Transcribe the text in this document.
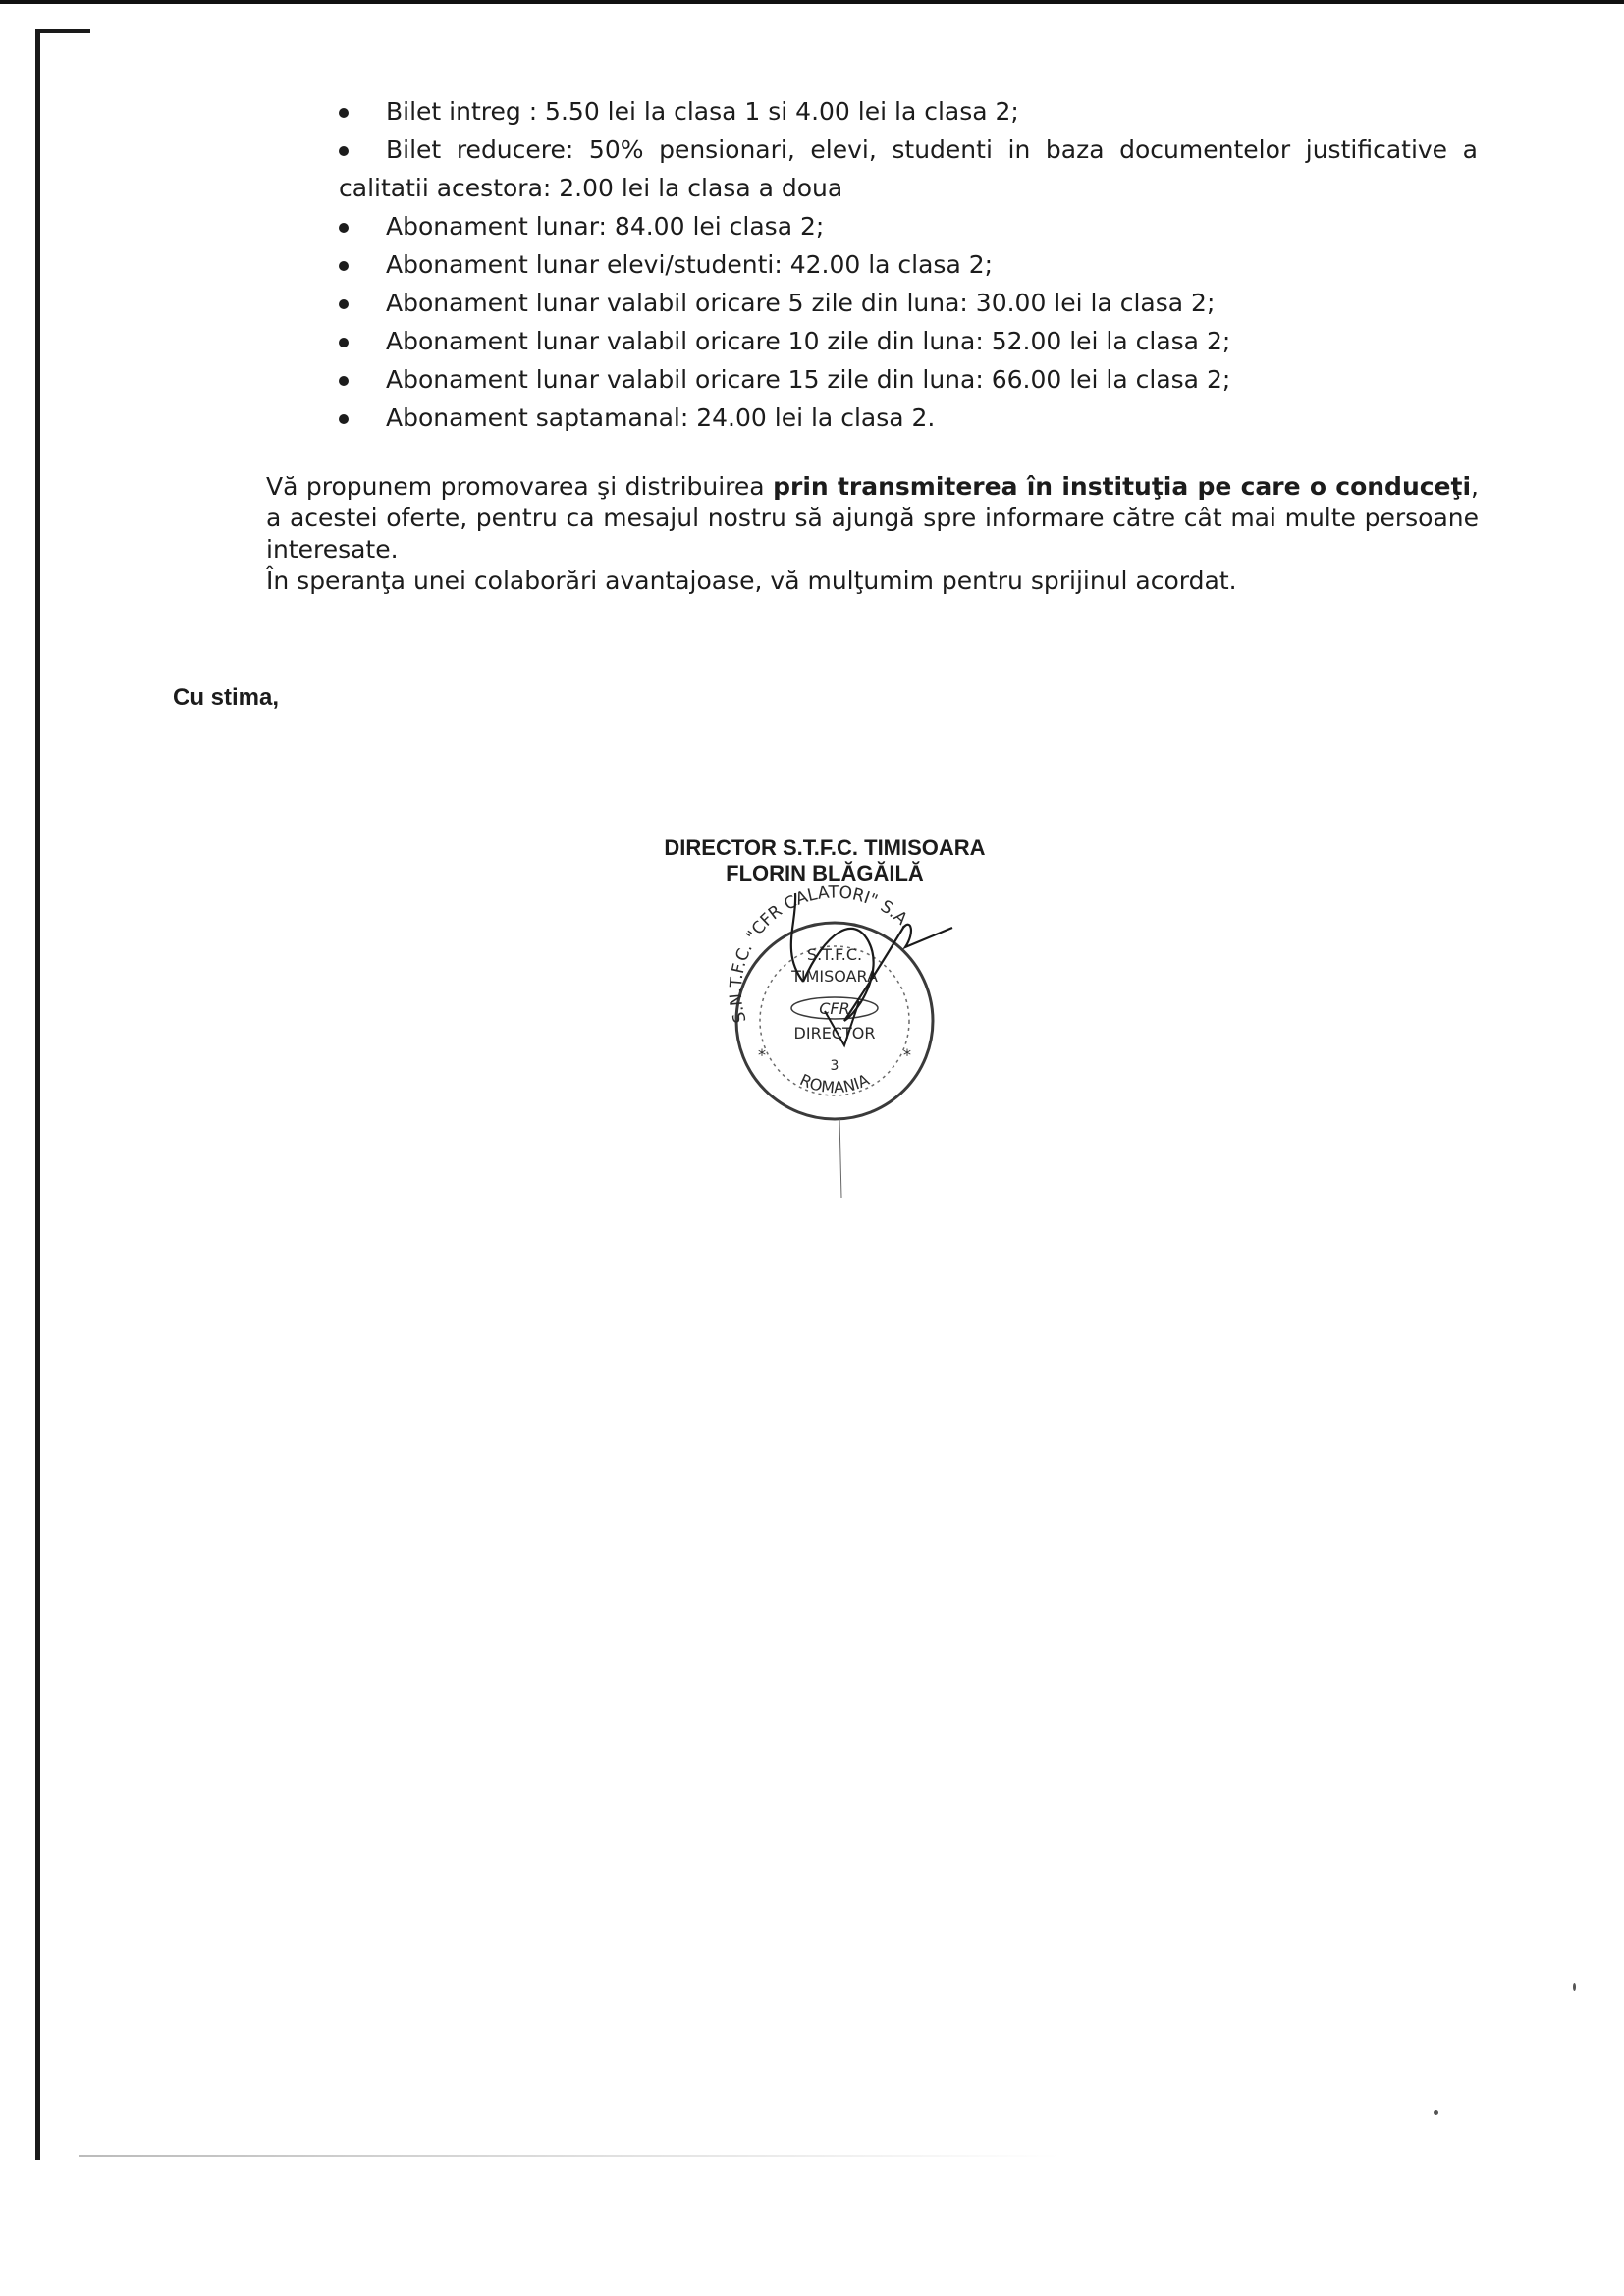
Bilet intreg : 5.50 lei la clasa 1 si 4.00 lei la clasa 2;
Bilet reducere: 50% pensionari, elevi, studenti in baza documentelor justificative a
calitatii acestora: 2.00 lei la clasa a doua
Abonament lunar: 84.00 lei clasa 2;
Abonament lunar elevi/studenti: 42.00 la clasa 2;
Abonament lunar valabil oricare 5 zile din luna: 30.00 lei la clasa 2;
Abonament lunar valabil oricare 10 zile din luna: 52.00 lei la clasa 2;
Abonament lunar valabil oricare 15 zile din luna: 66.00 lei la clasa 2;
Abonament saptamanal: 24.00 lei la clasa 2.

Vă propunem promovarea şi distribuirea prin transmiterea în instituţia pe care o conduceţi, a acestei oferte, pentru ca mesajul nostru să ajungă spre informare către cât mai multe persoane interesate.

În speranţa unei colaborări avantajoase, vă mulţumim pentru sprijinul acordat.

Cu stima,

DIRECTOR S.T.F.C. TIMISOARA
FLORIN BLĂGĂILĂ
S.N.T.F.C. "CFR CALATORI" S.A.
S.T.F.C.
TIMISOARA
CFR
DIRECTOR
*	*
3
ROMANIA
